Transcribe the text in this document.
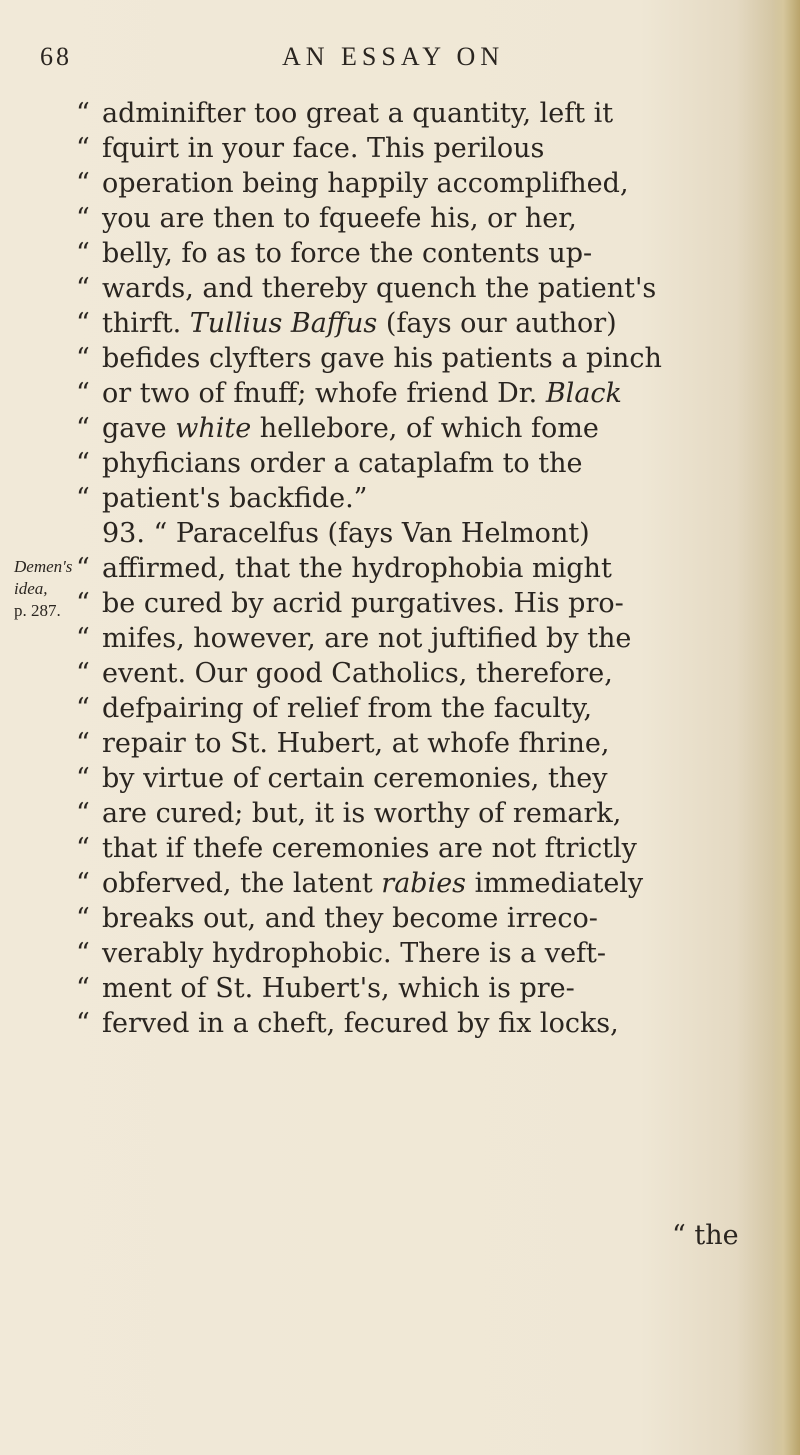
68	AN ESSAY ON
Demen's
idea,
p. 287.
“ adminifter too great a quantity, left it
“ fquirt in your face. This perilous
“ operation being happily accomplifhed,
“ you are then to fqueefe his, or her,
“ belly, fo as to force the contents up-
“ wards, and thereby quench the patient's
“ thirft. Tullius Baffus (fays our author)
“ befides clyfters gave his patients a pinch
“ or two of fnuff; whofe friend Dr. Black
“ gave white hellebore, of which fome
“ phyficians order a cataplafm to the
“ patient's backfide.”
93. “ Paracelfus (fays Van Helmont)
“ affirmed, that the hydrophobia might
“ be cured by acrid purgatives. His pro-
“ mifes, however, are not juftified by the
“ event. Our good Catholics, therefore,
“ defpairing of relief from the faculty,
“ repair to St. Hubert, at whofe fhrine,
“ by virtue of certain ceremonies, they
“ are cured; but, it is worthy of remark,
“ that if thefe ceremonies are not ftrictly
“ obferved, the latent rabies immediately
“ breaks out, and they become irreco-
“ verably hydrophobic. There is a veft-
“ ment of St. Hubert's, which is pre-
“ ferved in a cheft, fecured by fix locks,
“ the
